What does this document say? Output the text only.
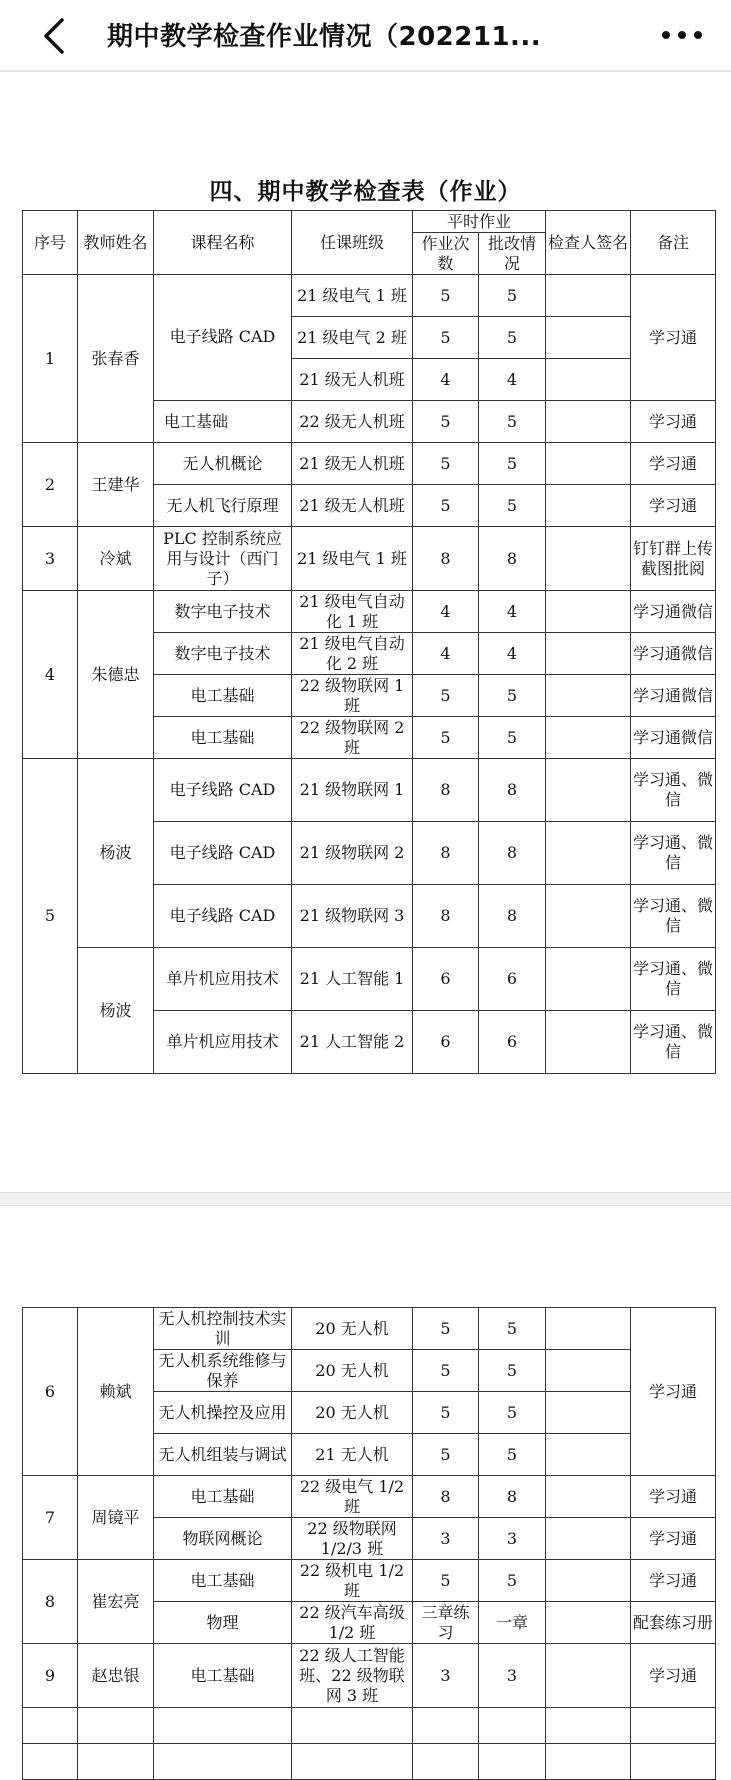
期中教学检查作业情况（202211...
四、期中教学检查表（作业）
序号	教师姓名	课程名称	任课班级	平时作业		检查人签名	备注
				作业次数	批改情况		
1	张春香	电子线路 CAD	21 级电气 1 班	5	5		学习通
			21 级电气 2 班	5	5		
			21 级无人机班	4	4		
		电工基础	22 级无人机班	5	5		学习通
2	王建华	无人机概论	21 级无人机班	5	5		学习通
		无人机飞行原理	21 级无人机班	5	5		学习通
3	冷斌	PLC 控制系统应用与设计（西门子）	21 级电气 1 班	8	8		钉钉群上传截图批阅
4	朱德忠	数字电子技术	21 级电气自动化 1 班	4	4		学习通微信
		数字电子技术	21 级电气自动化 2 班	4	4		学习通微信
		电工基础	22 级物联网 1 班	5	5		学习通微信
		电工基础	22 级物联网 2 班	5	5		学习通微信
5	杨波	电子线路 CAD	21 级物联网 1	8	8		学习通、微信
		电子线路 CAD	21 级物联网 2	8	8		学习通、微信
		电子线路 CAD	21 级物联网 3	8	8		学习通、微信
	杨波	单片机应用技术	21 人工智能 1	6	6		学习通、微信
		单片机应用技术	21 人工智能 2	6	6		学习通、微信
6	赖斌	无人机控制技术实训	20 无人机	5	5		学习通
		无人机系统维修与保养	20 无人机	5	5		
		无人机操控及应用	20 无人机	5	5		
		无人机组装与调试	21 无人机	5	5		
7	周镜平	电工基础	22 级电气 1/2 班	8	8		学习通
		物联网概论	22 级物联网 1/2/3 班	3	3		学习通
8	崔宏亮	电工基础	22 级机电 1/2 班	5	5		学习通
		物理	22 级汽车高级 1/2 班	三章练习	一章		配套练习册
9	赵忠银	电工基础	22 级人工智能班、22 级物联网 3 班	3	3		学习通
